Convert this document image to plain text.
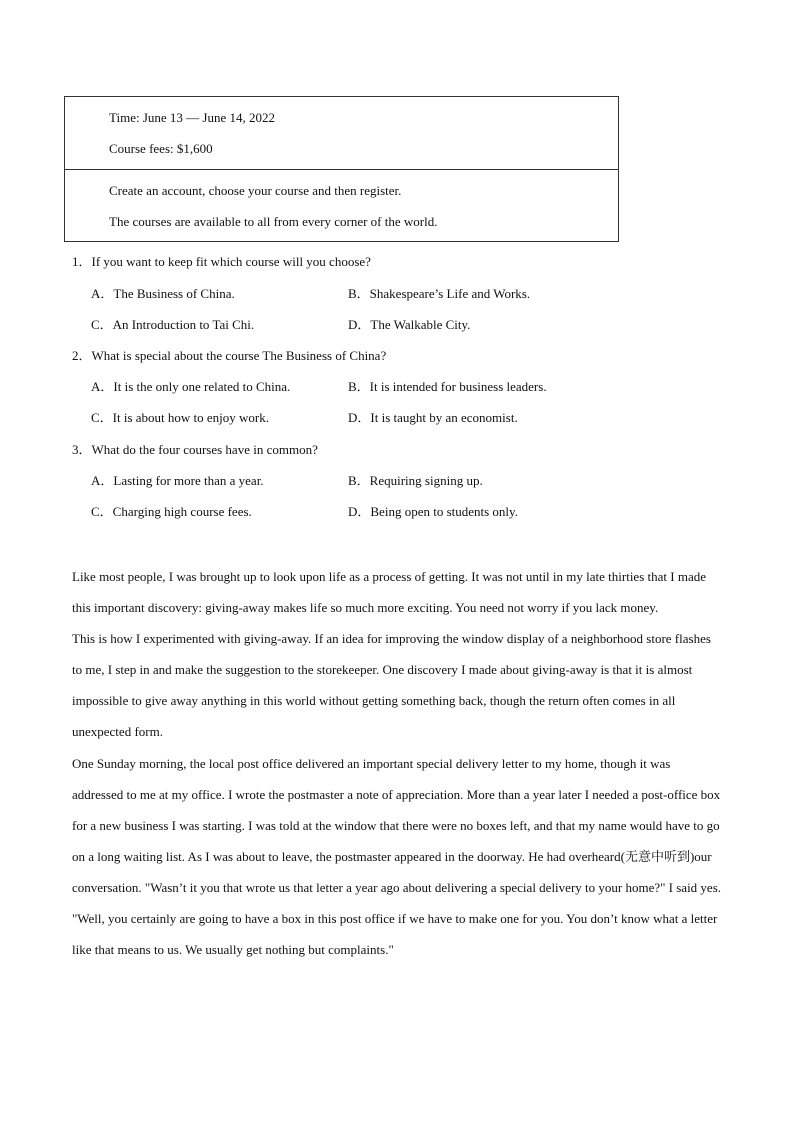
Time: June 13 — June 14, 2022
Course fees: $1,600
Create an account, choose your course and then register.
The courses are available to all from every corner of the world.
1．If you want to keep fit which course will you choose?
A．The Business of China.	B．Shakespeare’s Life and Works.
C．An Introduction to Tai Chi.	D．The Walkable City.
2．What is special about the course The Business of China?
A．It is the only one related to China.	B．It is intended for business leaders.
C．It is about how to enjoy work.	D．It is taught by an economist.
3．What do the four courses have in common?
A．Lasting for more than a year.	B．Requiring signing up.
C．Charging high course fees.	D．Being open to students only.

Like most people, I was brought up to look upon life as a process of getting. It was not until in my late thirties that I made this important discovery: giving-away makes life so much more exciting. You need not worry if you lack money.

This is how I experimented with giving-away. If an idea for improving the window display of a neighborhood store flashes to me, I step in and make the suggestion to the storekeeper. One discovery I made about giving-away is that it is almost impossible to give away anything in this world without getting something back, though the return often comes in all unexpected form.

One Sunday morning, the local post office delivered an important special delivery letter to my home, though it was addressed to me at my office. I wrote the postmaster a note of appreciation. More than a year later I needed a post-office box for a new business I was starting. I was told at the window that there were no boxes left, and that my name would have to go on a long waiting list. As I was about to leave, the postmaster appeared in the doorway. He had overheard(无意中听到)our conversation. "Wasn’t it you that wrote us that letter a year ago about delivering a special delivery to your home?" I said yes. "Well, you certainly are going to have a box in this post office if we have to make one for you. You don’t know what a letter like that means to us. We usually get nothing but complaints."
